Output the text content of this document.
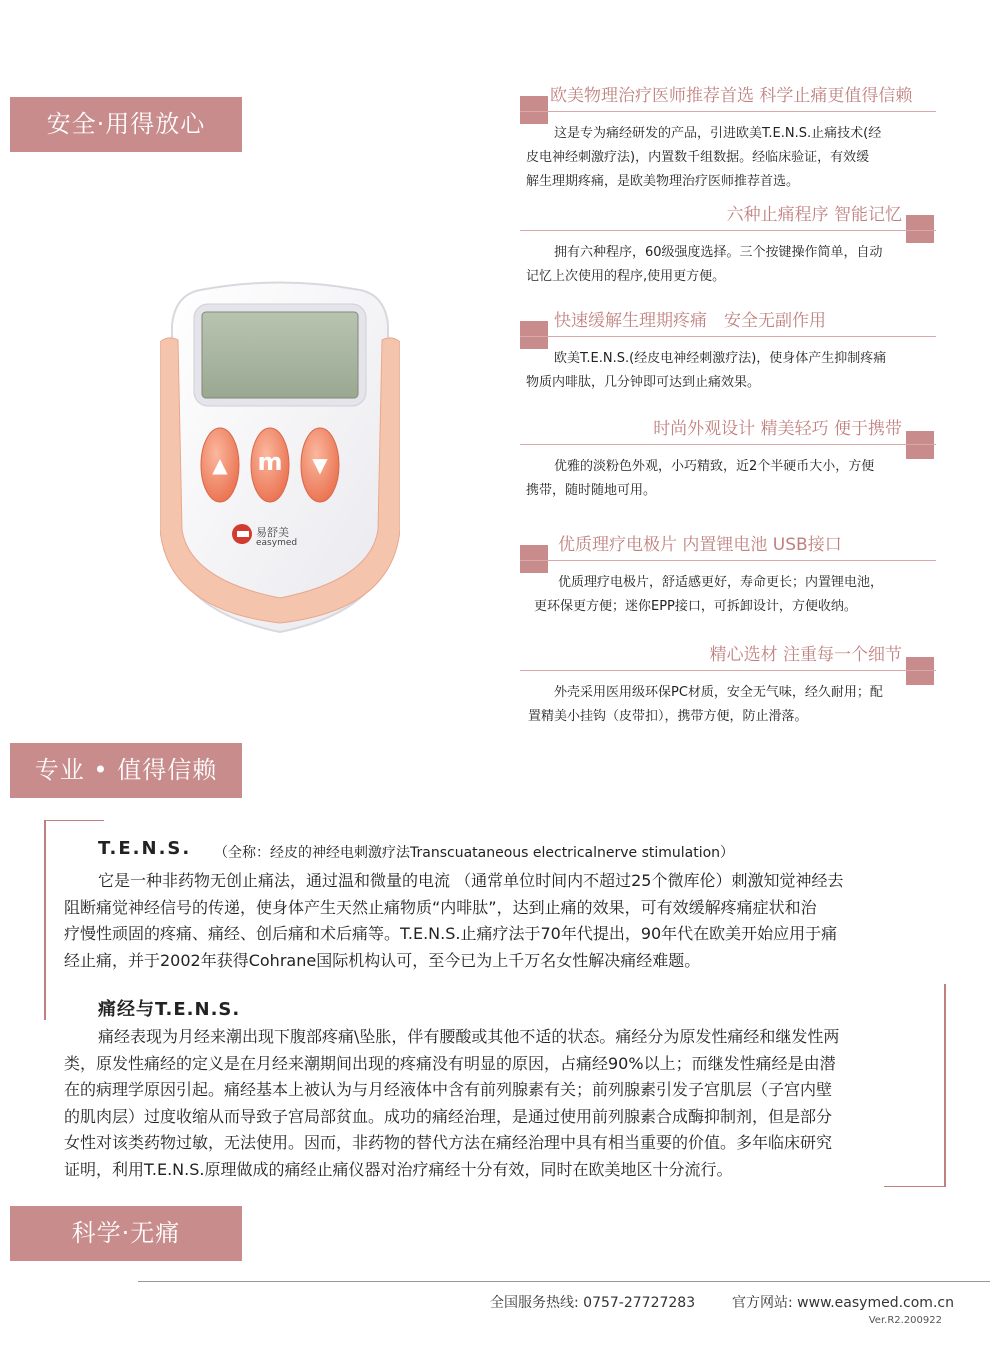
安全·用得放心
专业 • 值得信赖
科学·无痛
▲ m ▼
易舒美
easymed
欧美物理治疗医师推荐首选 科学止痛更值得信赖
这是专为痛经研发的产品，引进欧美T.E.N.S.止痛技术(经
皮电神经刺激疗法)，内置数千组数据。经临床验证，有效缓
解生理期疼痛，是欧美物理治疗医师推荐首选。
六种止痛程序 智能记忆
拥有六种程序，60级强度选择。三个按键操作简单，自动
记忆上次使用的程序,使用更方便。
快速缓解生理期疼痛　安全无副作用
欧美T.E.N.S.(经皮电神经刺激疗法)，使身体产生抑制疼痛
物质内啡肽，几分钟即可达到止痛效果。
时尚外观设计 精美轻巧 便于携带
优雅的淡粉色外观，小巧精致，近2个半硬币大小，方便
携带，随时随地可用。
优质理疗电极片 内置锂电池 USB接口
优质理疗电极片，舒适感更好，寿命更长；内置锂电池，
更环保更方便；迷你EPP接口，可拆卸设计，方便收纳。
精心选材 注重每一个细节
外壳采用医用级环保PC材质，安全无气味，经久耐用；配
置精美小挂钩（皮带扣），携带方便，防止滑落。
T.E.N.S. （全称：经皮的神经电刺激疗法Transcuataneous electricalnerve stimulation）
它是一种非药物无创止痛法，通过温和微量的电流 （通常单位时间内不超过25个微库伦）刺激知觉神经去
阻断痛觉神经信号的传递，使身体产生天然止痛物质“内啡肽”，达到止痛的效果，可有效缓解疼痛症状和治
疗慢性顽固的疼痛、痛经、创后痛和术后痛等。T.E.N.S.止痛疗法于70年代提出，90年代在欧美开始应用于痛
经止痛，并于2002年获得Cohrane国际机构认可，至今已为上千万名女性解决痛经难题。
痛经与T.E.N.S.
痛经表现为月经来潮出现下腹部疼痛\坠胀，伴有腰酸或其他不适的状态。痛经分为原发性痛经和继发性两
类，原发性痛经的定义是在月经来潮期间出现的疼痛没有明显的原因，占痛经90%以上；而继发性痛经是由潜
在的病理学原因引起。痛经基本上被认为与月经液体中含有前列腺素有关；前列腺素引发子宫肌层（子宫内壁
的肌肉层）过度收缩从而导致子宫局部贫血。成功的痛经治理，是通过使用前列腺素合成酶抑制剂，但是部分
女性对该类药物过敏，无法使用。因而，非药物的替代方法在痛经治理中具有相当重要的价值。多年临床研究
证明，利用T.E.N.S.原理做成的痛经止痛仪器对治疗痛经十分有效，同时在欧美地区十分流行。
全国服务热线: 0757-27727283	官方网站: www.easymed.com.cn
Ver.R2.200922
